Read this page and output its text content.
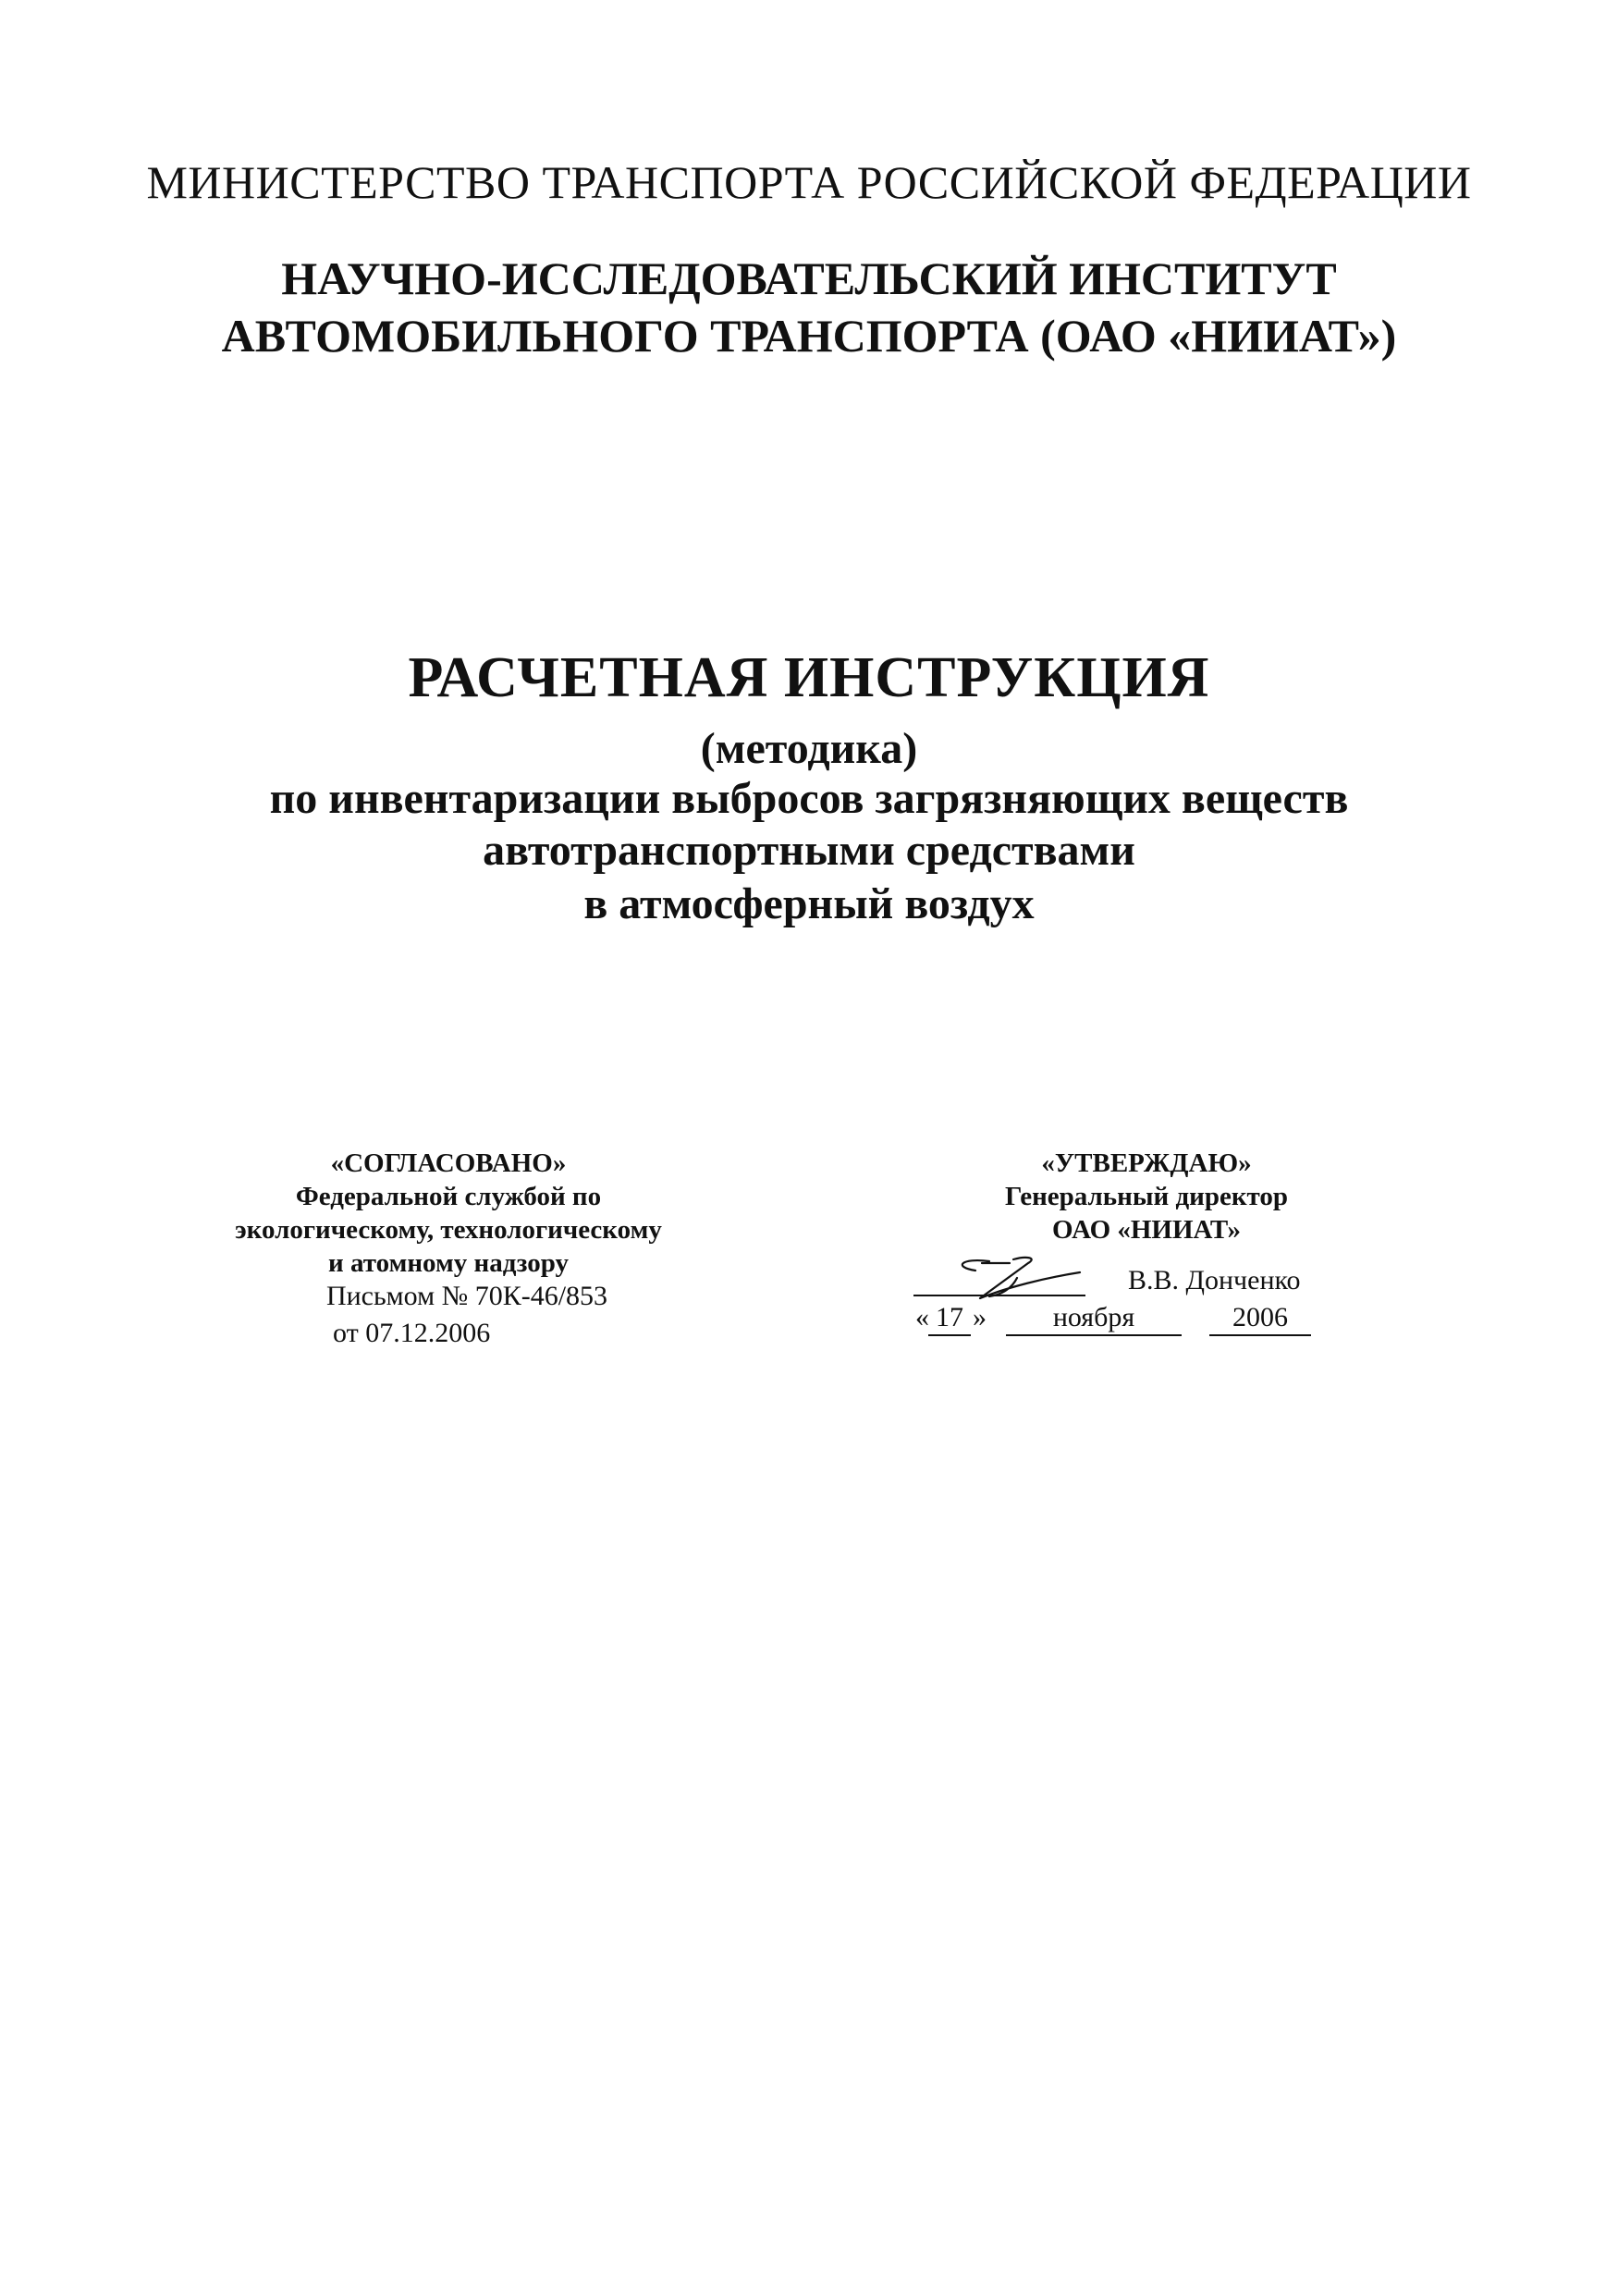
МИНИСТЕРСТВО ТРАНСПОРТА РОССИЙСКОЙ ФЕДЕРАЦИИ
НАУЧНО-ИССЛЕДОВАТЕЛЬСКИЙ ИНСТИТУТ
АВТОМОБИЛЬНОГО ТРАНСПОРТА (ОАО «НИИАТ»)
РАСЧЕТНАЯ ИНСТРУКЦИЯ
(методика)
по инвентаризации выбросов загрязняющих веществ
автотранспортными средствами
в атмосферный воздух
«СОГЛАСОВАНО»
Федеральной службой по
экологическому, технологическому
и атомному надзору
Письмом № 70К-46/853
от 07.12.2006
«УТВЕРЖДАЮ»
Генеральный директор
ОАО «НИИАТ»
В.В. Донченко
« 17 »	ноября	2006
